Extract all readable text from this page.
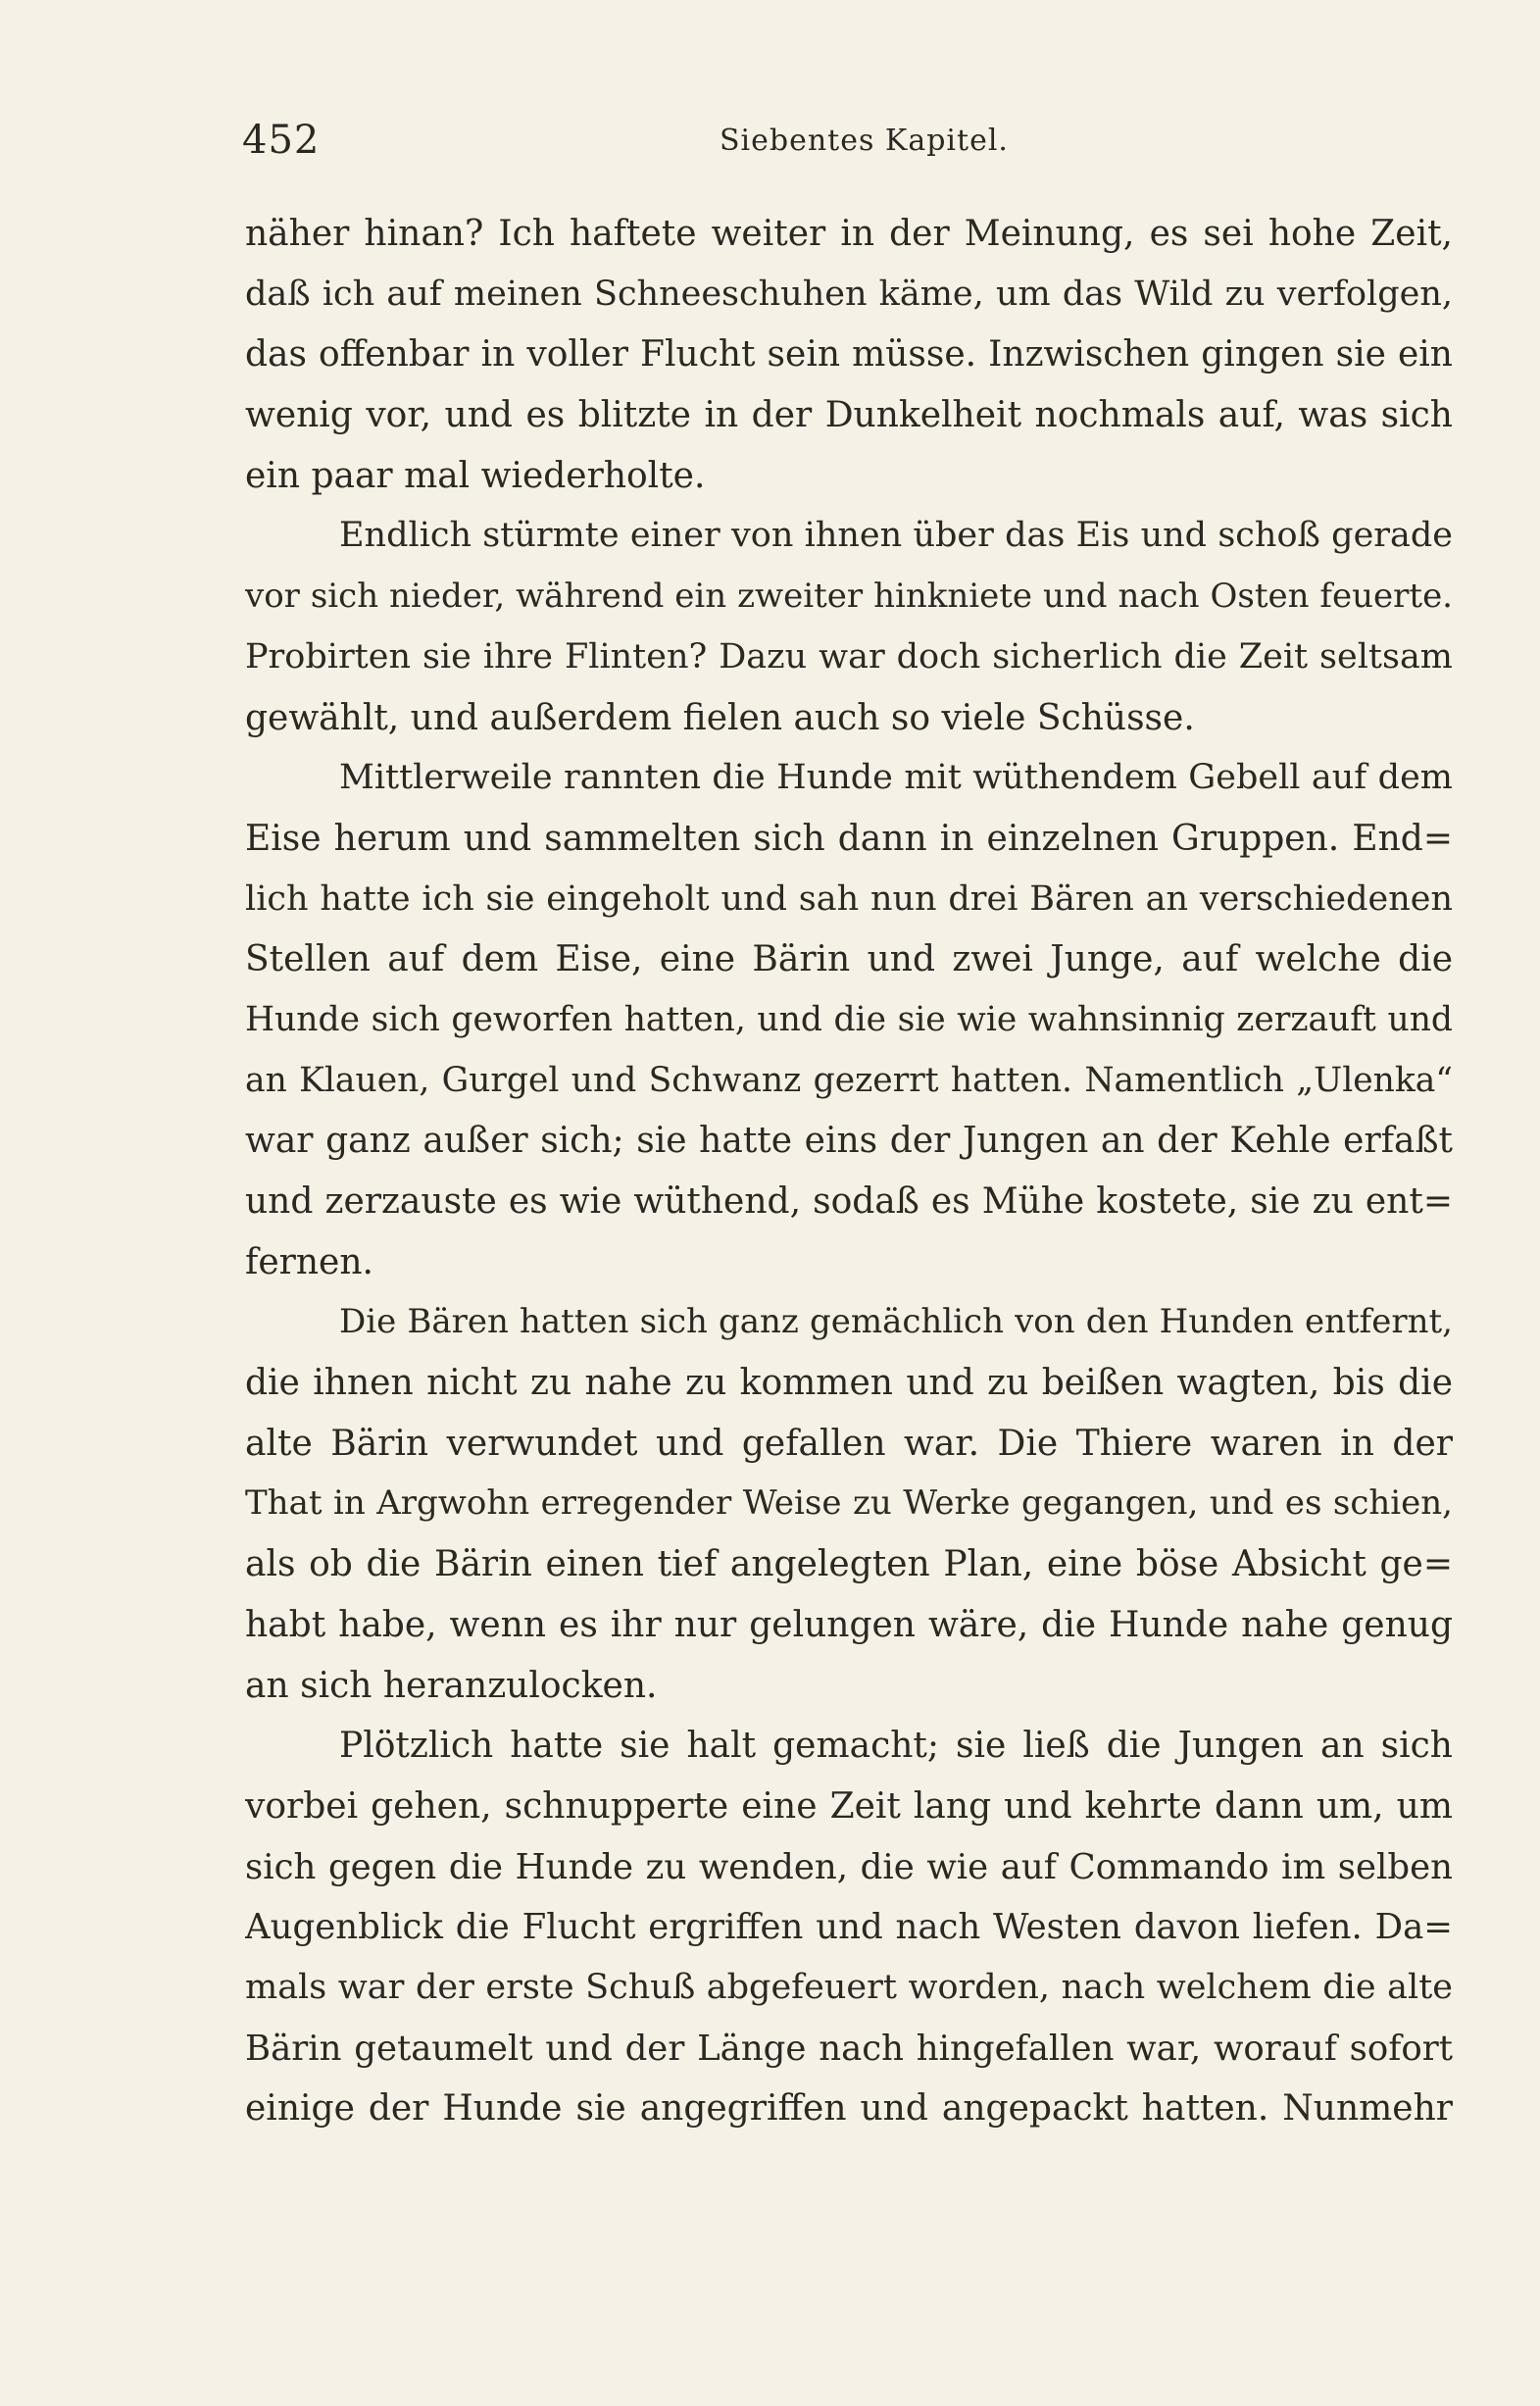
452	Siebentes Kapitel.
näher hinan? Ich haftete weiter in der Meinung, es sei hohe Zeit,
daß ich auf meinen Schneeschuhen käme, um das Wild zu verfolgen,
das offenbar in voller Flucht sein müsse. Inzwischen gingen sie ein
wenig vor, und es blitzte in der Dunkelheit nochmals auf, was sich
ein paar mal wiederholte.
Endlich stürmte einer von ihnen über das Eis und schoß gerade
vor sich nieder, während ein zweiter hinkniete und nach Osten feuerte.
Probirten sie ihre Flinten? Dazu war doch sicherlich die Zeit seltsam
gewählt, und außerdem fielen auch so viele Schüsse.
Mittlerweile rannten die Hunde mit wüthendem Gebell auf dem
Eise herum und sammelten sich dann in einzelnen Gruppen. End=
lich hatte ich sie eingeholt und sah nun drei Bären an verschiedenen
Stellen auf dem Eise, eine Bärin und zwei Junge, auf welche die
Hunde sich geworfen hatten, und die sie wie wahnsinnig zerzauft und
an Klauen, Gurgel und Schwanz gezerrt hatten. Namentlich „Ulenka“
war ganz außer sich; sie hatte eins der Jungen an der Kehle erfaßt
und zerzauste es wie wüthend, sodaß es Mühe kostete, sie zu ent=
fernen.
Die Bären hatten sich ganz gemächlich von den Hunden entfernt,
die ihnen nicht zu nahe zu kommen und zu beißen wagten, bis die
alte Bärin verwundet und gefallen war. Die Thiere waren in der
That in Argwohn erregender Weise zu Werke gegangen, und es schien,
als ob die Bärin einen tief angelegten Plan, eine böse Absicht ge=
habt habe, wenn es ihr nur gelungen wäre, die Hunde nahe genug
an sich heranzulocken.
Plötzlich hatte sie halt gemacht; sie ließ die Jungen an sich
vorbei gehen, schnupperte eine Zeit lang und kehrte dann um, um
sich gegen die Hunde zu wenden, die wie auf Commando im selben
Augenblick die Flucht ergriffen und nach Westen davon liefen. Da=
mals war der erste Schuß abgefeuert worden, nach welchem die alte
Bärin getaumelt und der Länge nach hingefallen war, worauf sofort
einige der Hunde sie angegriffen und angepackt hatten. Nunmehr
